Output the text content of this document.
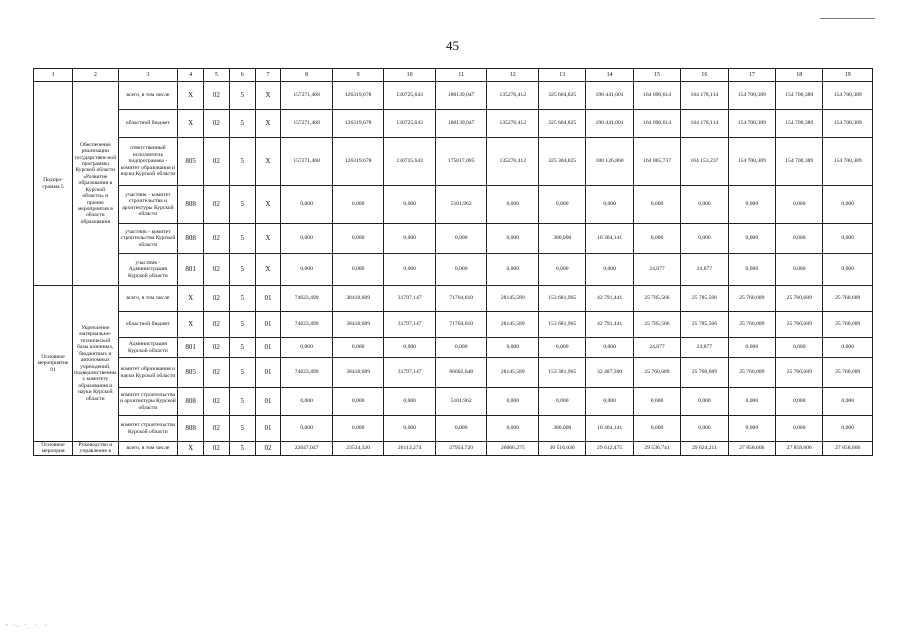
45
1	2	3	4	5	6	7	8	9	10	11	12	13	14	15	16	17	18	19
Подпро-грамма 5	Обеспечение реализации государствен-ной программы Курской области «Развитие образования в Курской области» и прочие мероприятия в области образования	всего, в том числе	X	02	5	X	157271,468	126319,678	130725,643	180139,047	135276,412	325 604,825	190 441,001	164 090,614	164 178,114	154 700,389	154 700,389	154 700,389
		областной бюджет	X	02	5	X	157271,468	126319,678	130725,643	180139,047	135276,412	325 604,825	190 441,001	164 090,614	164 178,114	154 700,389	154 700,389	154 700,389
		ответственный исполнитель подпрограммы - комитет образования и науки Курской области	805	02	5	X	157271,468	126319,678	130725,643	175017,085	135276,412	325 304,825	180 126,860	164 065,737	164 153,237	154 700,389	154 700,389	154 700,389
		участник - комитет строительства и архитектуры Курской области	808	02	5	X	0,000	0,000	0,000	5101,962	0,000	0,000	0,000	0,000	0,000	0,000	0,000	0,000
		участник - комитет строительства Курской области	808	02	5	X	0,000	0,000	0,000	0,000	0,000	300,000	10 304,141	0,000	0,000	0,000	0,000	0,000
		участник - Администрация Курской области	801	02	5	X	0,000	0,000	0,000	0,000	0,000	0,000	0,000	24,877	24,877	0,000	0,000	0,000
Основное мероприятие 01	Укрепление материально-технической базы казенных, бюджетных и автономных учреждений, подведомственных комитету образования и науки Курской области	всего, в том числе	X	02	5	01	74623,490	38410,689	31797,147	71704,610	28145,589	153 681,965	42 791,441	25 785,566	25 785,566	25 760,689	25 760,689	25 760,689
		областной бюджет	X	02	5	01	74623,490	38410,689	31797,147	71704,610	28145,589	153 681,965	42 791,441	25 785,566	25 785,566	25 760,689	25 760,689	25 760,689
		Администрация Курской области	801	02	5	01	0,000	0,000	0,000	0,000	0,000	0,000	0,000	24,877	24,877	0,000	0,000	0,000
		комитет образования и науки Курской области	805	02	5	01	74623,490	38410,689	31797,147	66602,648	28145,589	153 381,965	32 487,300	25 760,689	25 760,689	25 760,689	25 760,689	25 760,689
		комитет строительства и архитектуры Курской области	808	02	5	01	0,000	0,000	0,000	5101,962	0,000	0,000	0,000	0,000	0,000	0,000	0,000	0,000
		комитет строительства Курской области	808	02	5	01	0,000	0,000	0,000	0,000	0,000	300,000	10 304,141	0,000	0,000	0,000	0,000	0,000
Основное мероприя	Руководство и управление в	всего, в том числе	X	02	5	02	22047,047	23534,320	26113,274	27954,720	26066,275	30 516,036	29 612,475	29 536,741	29 624,211	27 858,606	27 858,606	27 858,606
" '- '. '. '
